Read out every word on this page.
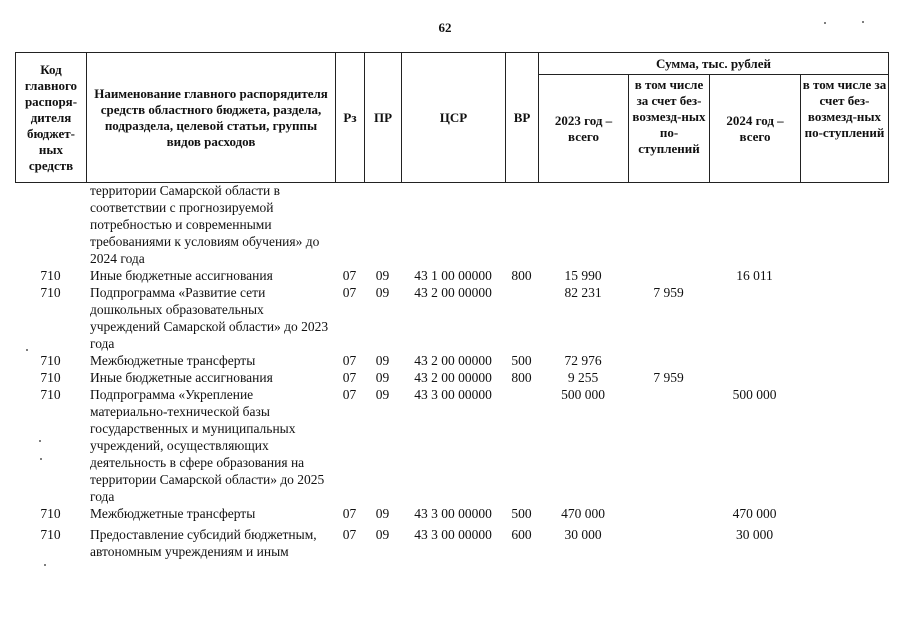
62
Код главного распоря-дителя бюджет-ных средств	Наименование главного распорядителя средств областного бюджета, раздела, подраздела, целевой статьи, группы видов расходов	Рз	ПР	ЦСР	ВР	Сумма, тыс. рублей			
						2023 год – всего	в том числе за счет без-возмезд-ных по-ступлений	2024 год – всего	в том числе за счет без-возмезд-ных по-ступлений
	территории Самарской области в соответствии с прогнозируемой потребностью и современными требованиями к условиям обучения» до 2024 года								
710	Иные бюджетные ассигнования	07	09	43 1 00 00000	800	15 990		16 011	
710	Подпрограмма «Развитие сети дошкольных образовательных учреждений Самарской области» до 2023 года	07	09	43 2 00 00000		82 231	7 959		
710	Межбюджетные трансферты	07	09	43 2 00 00000	500	72 976			
710	Иные бюджетные ассигнования	07	09	43 2 00 00000	800	9 255	7 959		
710	Подпрограмма «Укрепление материально-технической базы государственных и муниципальных учреждений, осуществляющих деятельность в сфере образования на территории Самарской области» до 2025 года	07	09	43 3 00 00000		500 000		500 000	
710	Межбюджетные трансферты	07	09	43 3 00 00000	500	470 000		470 000	
710	Предоставление субсидий бюджетным, автономным учреждениям и иным	07	09	43 3 00 00000	600	30 000		30 000	
